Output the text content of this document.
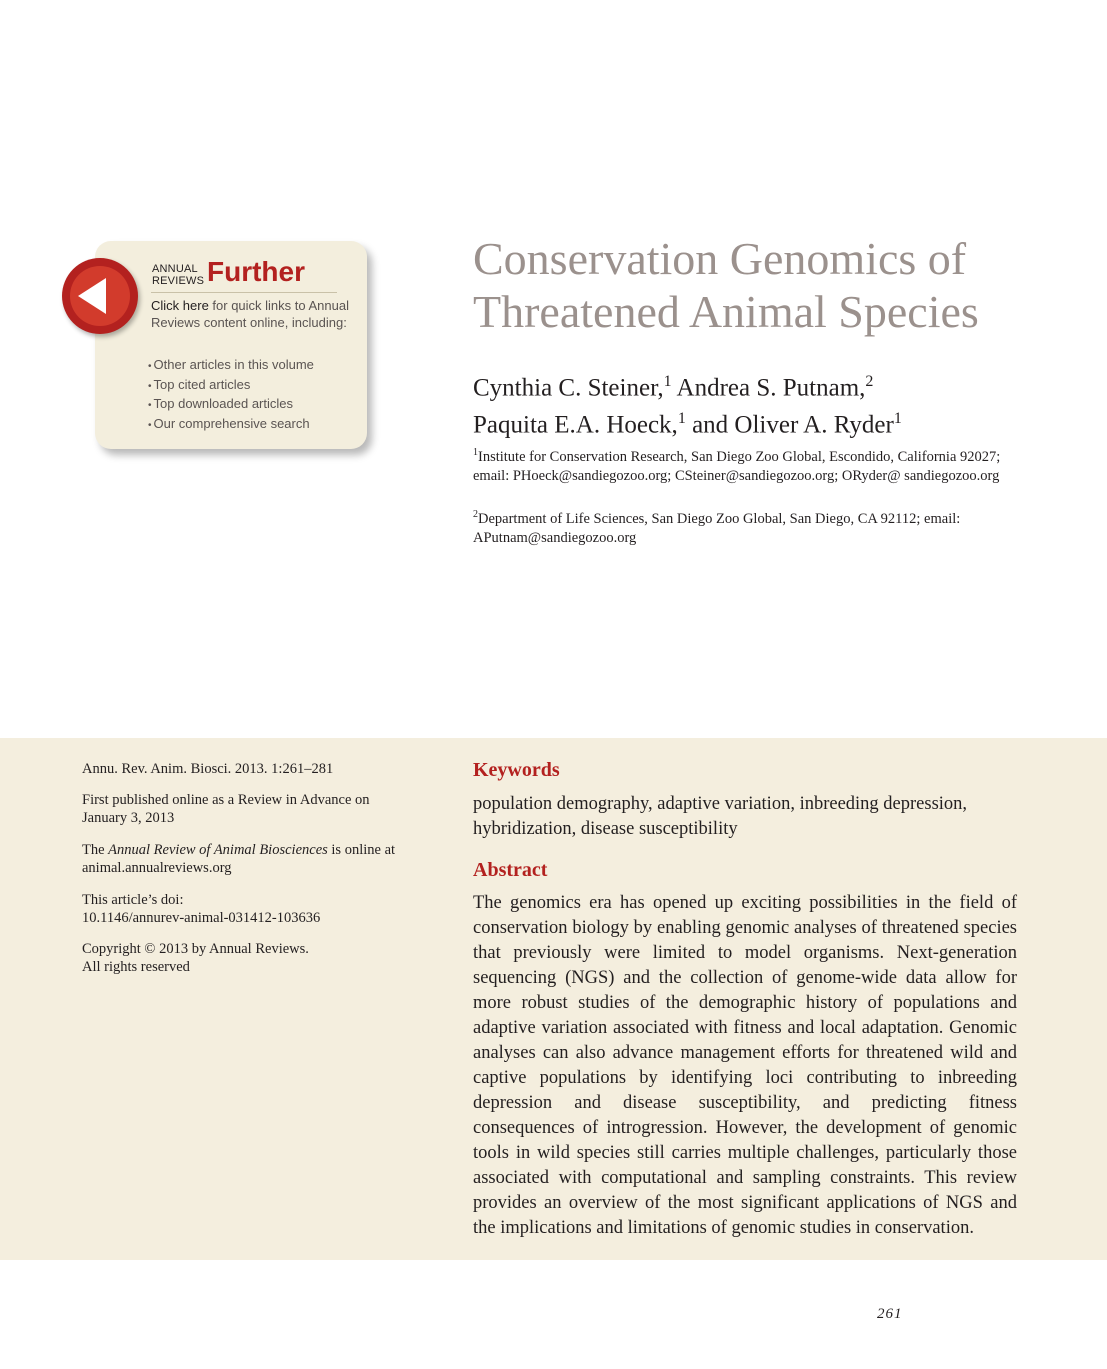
ANNUAL
REVIEWS Further
Click here for quick links to Annual Reviews content online, including:
• Other articles in this volume
• Top cited articles
• Top downloaded articles
• Our comprehensive search
Conservation Genomics of
Threatened Animal Species
Cynthia C. Steiner,$^1$ Andrea S. Putnam,$^2$
Paquita E.A. Hoeck,$^1$ and Oliver A. Ryder$^1$
$^1$Institute for Conservation Research, San Diego Zoo Global, Escondido, California 92027; email: PHoeck@sandiegozoo.org; CSteiner@sandiegozoo.org; ORyder@ sandiegozoo.org
$^2$Department of Life Sciences, San Diego Zoo Global, San Diego, CA 92112; email: APutnam@sandiegozoo.org
Annu. Rev. Anim. Biosci. 2013. 1:261–281
First published online as a Review in Advance on January 3, 2013
The Annual Review of Animal Biosciences is online at animal.annualreviews.org
This article’s doi:
10.1146/annurev-animal-031412-103636
Copyright © 2013 by Annual Reviews.
All rights reserved
Keywords
population demography, adaptive variation, inbreeding depression, hybridization, disease susceptibility
Abstract
The genomics era has opened up exciting possibilities in the field of conservation biology by enabling genomic analyses of threatened species that previously were limited to model organisms. Next-generation sequencing (NGS) and the collection of genome-wide data allow for more robust studies of the demographic history of populations and adaptive variation associated with fitness and local adaptation. Genomic analyses can also advance management efforts for threatened wild and captive populations by identifying loci contributing to inbreeding depression and disease susceptibility, and predicting fitness consequences of introgression. However, the development of genomic tools in wild species still carries multiple challenges, particularly those associated with computational and sampling constraints. This review provides an overview of the most significant applications of NGS and the implications and limitations of genomic studies in conservation.
261
